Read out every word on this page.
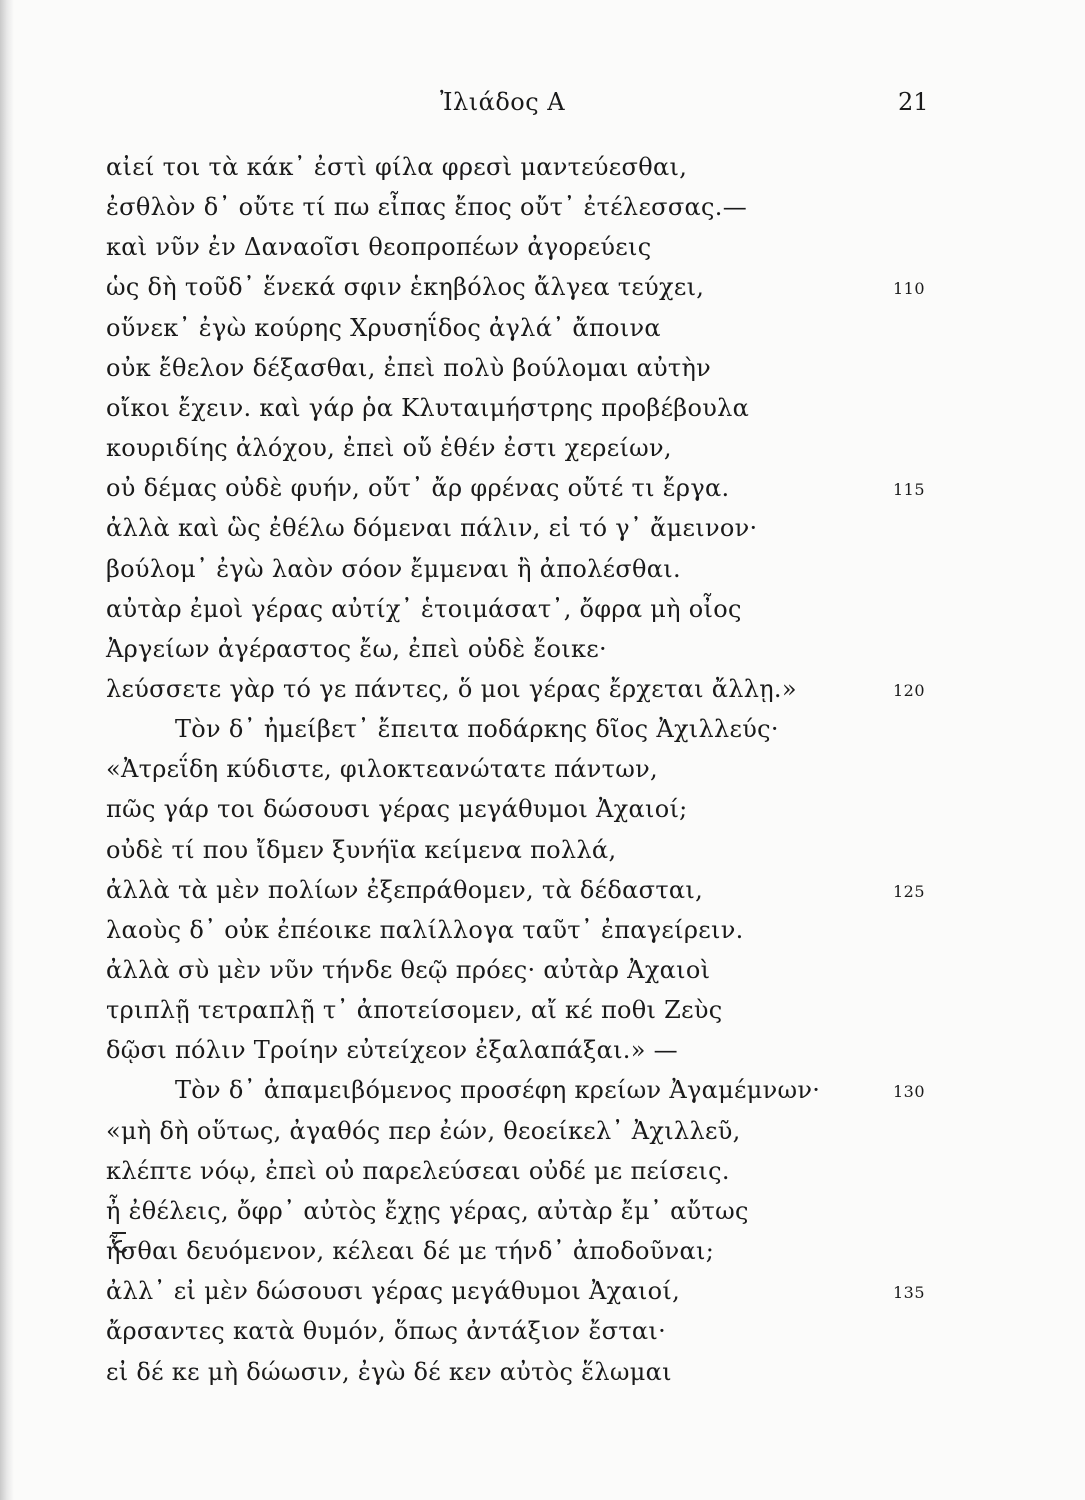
Ἰλιάδος Α	21
αἰεί τοι τὰ κάκ᾽ ἐστὶ φίλα φρεσὶ μαντεύεσθαι,
ἐσθλὸν δ᾽ οὔτε τί πω εἶπας ἔπος οὔτ᾽ ἐτέλεσσας.—
καὶ νῦν ἐν Δαναοῖσι θεοπροπέων ἀγορεύεις
ὡς δὴ τοῦδ᾽ ἕνεκά σφιν ἑκηβόλος ἄλγεα τεύχει,	110
οὕνεκ᾽ ἐγὼ κούρης Χρυσηΐδος ἀγλά᾽ ἄποινα
οὐκ ἔθελον δέξασθαι, ἐπεὶ πολὺ βούλομαι αὐτὴν
οἴκοι ἔχειν. καὶ γάρ ῥα Κλυταιμήστρης προβέβουλα
κουριδίης ἀλόχου, ἐπεὶ οὔ ἑθέν ἐστι χερείων,
οὐ δέμας οὐδὲ φυήν, οὔτ᾽ ἄρ φρένας οὔτέ τι ἔργα.	115
ἀλλὰ καὶ ὣς ἐθέλω δόμεναι πάλιν, εἰ τό γ᾽ ἄμεινον·
βούλομ᾽ ἐγὼ λαὸν σόον ἔμμεναι ἢ ἀπολέσθαι.
αὐτὰρ ἐμοὶ γέρας αὐτίχ᾽ ἑτοιμάσατ᾽, ὄφρα μὴ οἶος
Ἀργείων ἀγέραστος ἔω, ἐπεὶ οὐδὲ ἔοικε·
λεύσσετε γὰρ τό γε πάντες, ὅ μοι γέρας ἔρχεται ἄλλῃ.»	120
Τὸν δ᾽ ἠμείβετ᾽ ἔπειτα ποδάρκης δῖος Ἀχιλλεύς·
«Ἀτρεΐδη κύδιστε, φιλοκτεανώτατε πάντων,
πῶς γάρ τοι δώσουσι γέρας μεγάθυμοι Ἀχαιοί;
οὐδὲ τί που ἴδμεν ξυνήϊα κείμενα πολλά,
ἀλλὰ τὰ μὲν πολίων ἐξεπράθομεν, τὰ δέδασται,	125
λαοὺς δ᾽ οὐκ ἐπέοικε παλίλλογα ταῦτ᾽ ἐπαγείρειν.
ἀλλὰ σὺ μὲν νῦν τήνδε θεῷ πρόες· αὐτὰρ Ἀχαιοὶ
τριπλῇ τετραπλῇ τ᾽ ἀποτείσομεν, αἴ κέ ποθι Ζεὺς
δῷσι πόλιν Τροίην εὐτείχεον ἐξαλαπάξαι.» —
Τὸν δ᾽ ἀπαμειβόμενος προσέφη κρείων Ἀγαμέμνων·	130
«μὴ δὴ οὕτως, ἀγαθός περ ἐών, θεοείκελ᾽ Ἀχιλλεῦ,
κλέπτε νόῳ, ἐπεὶ οὐ παρελεύσεαι οὐδέ με πείσεις.
ἦ ἐθέλεις, ὄφρ᾽ αὐτὸς ἔχῃς γέρας, αὐτὰρ ἔμ᾽ αὔτως
ἧσθαι δευόμενον, κέλεαι δέ με τήνδ᾽ ἀποδοῦναι;
ἀλλ᾽ εἰ μὲν δώσουσι γέρας μεγάθυμοι Ἀχαιοί,	135
ἄρσαντες κατὰ θυμόν, ὅπως ἀντάξιον ἔσται·
εἰ δέ κε μὴ δώωσιν, ἐγὼ δέ κεν αὐτὸς ἕλωμαι
